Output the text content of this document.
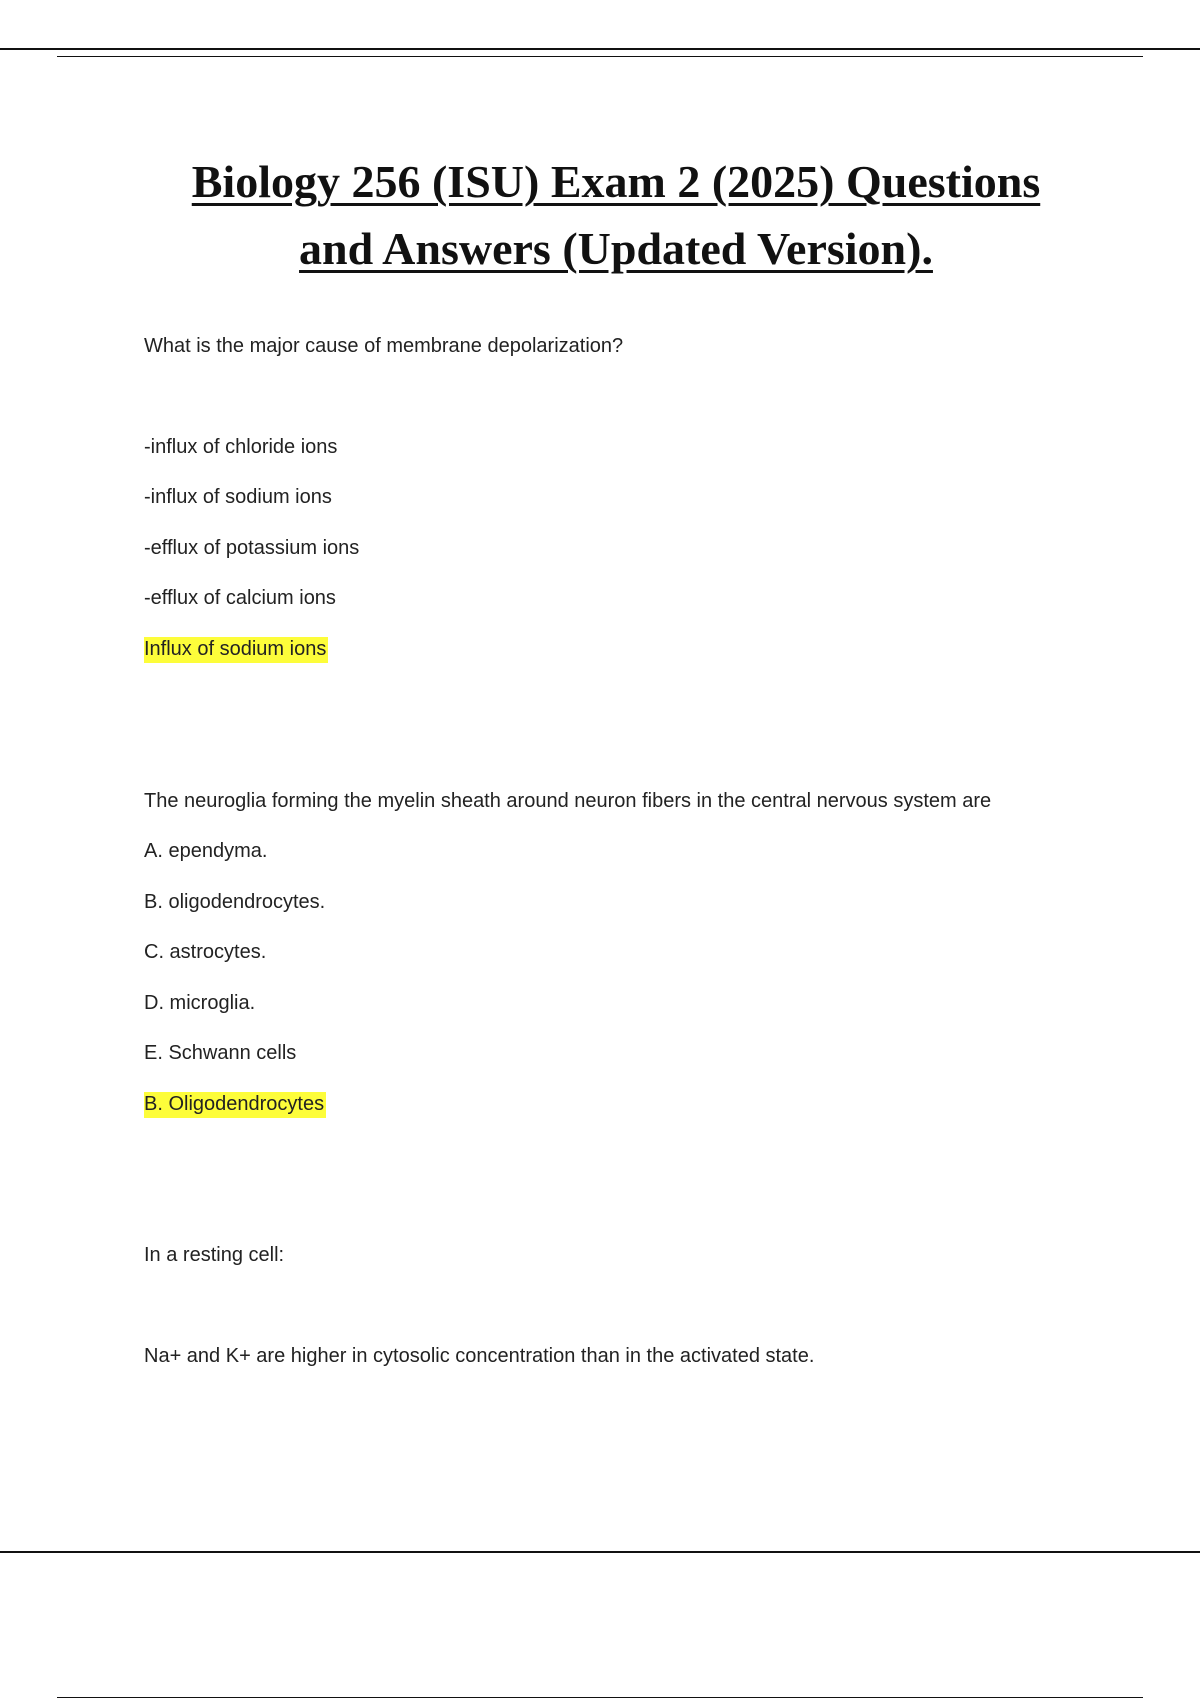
Biology 256 (ISU) Exam 2 (2025) Questions
and Answers (Updated Version).
What is the major cause of membrane depolarization?
-influx of chloride ions
-influx of sodium ions
-efflux of potassium ions
-efflux of calcium ions
Influx of sodium ions
The neuroglia forming the myelin sheath around neuron fibers in the central nervous system are
A. ependyma.
B. oligodendrocytes.
C. astrocytes.
D. microglia.
E. Schwann cells
B. Oligodendrocytes
In a resting cell:
Na+ and K+ are higher in cytosolic concentration than in the activated state.
